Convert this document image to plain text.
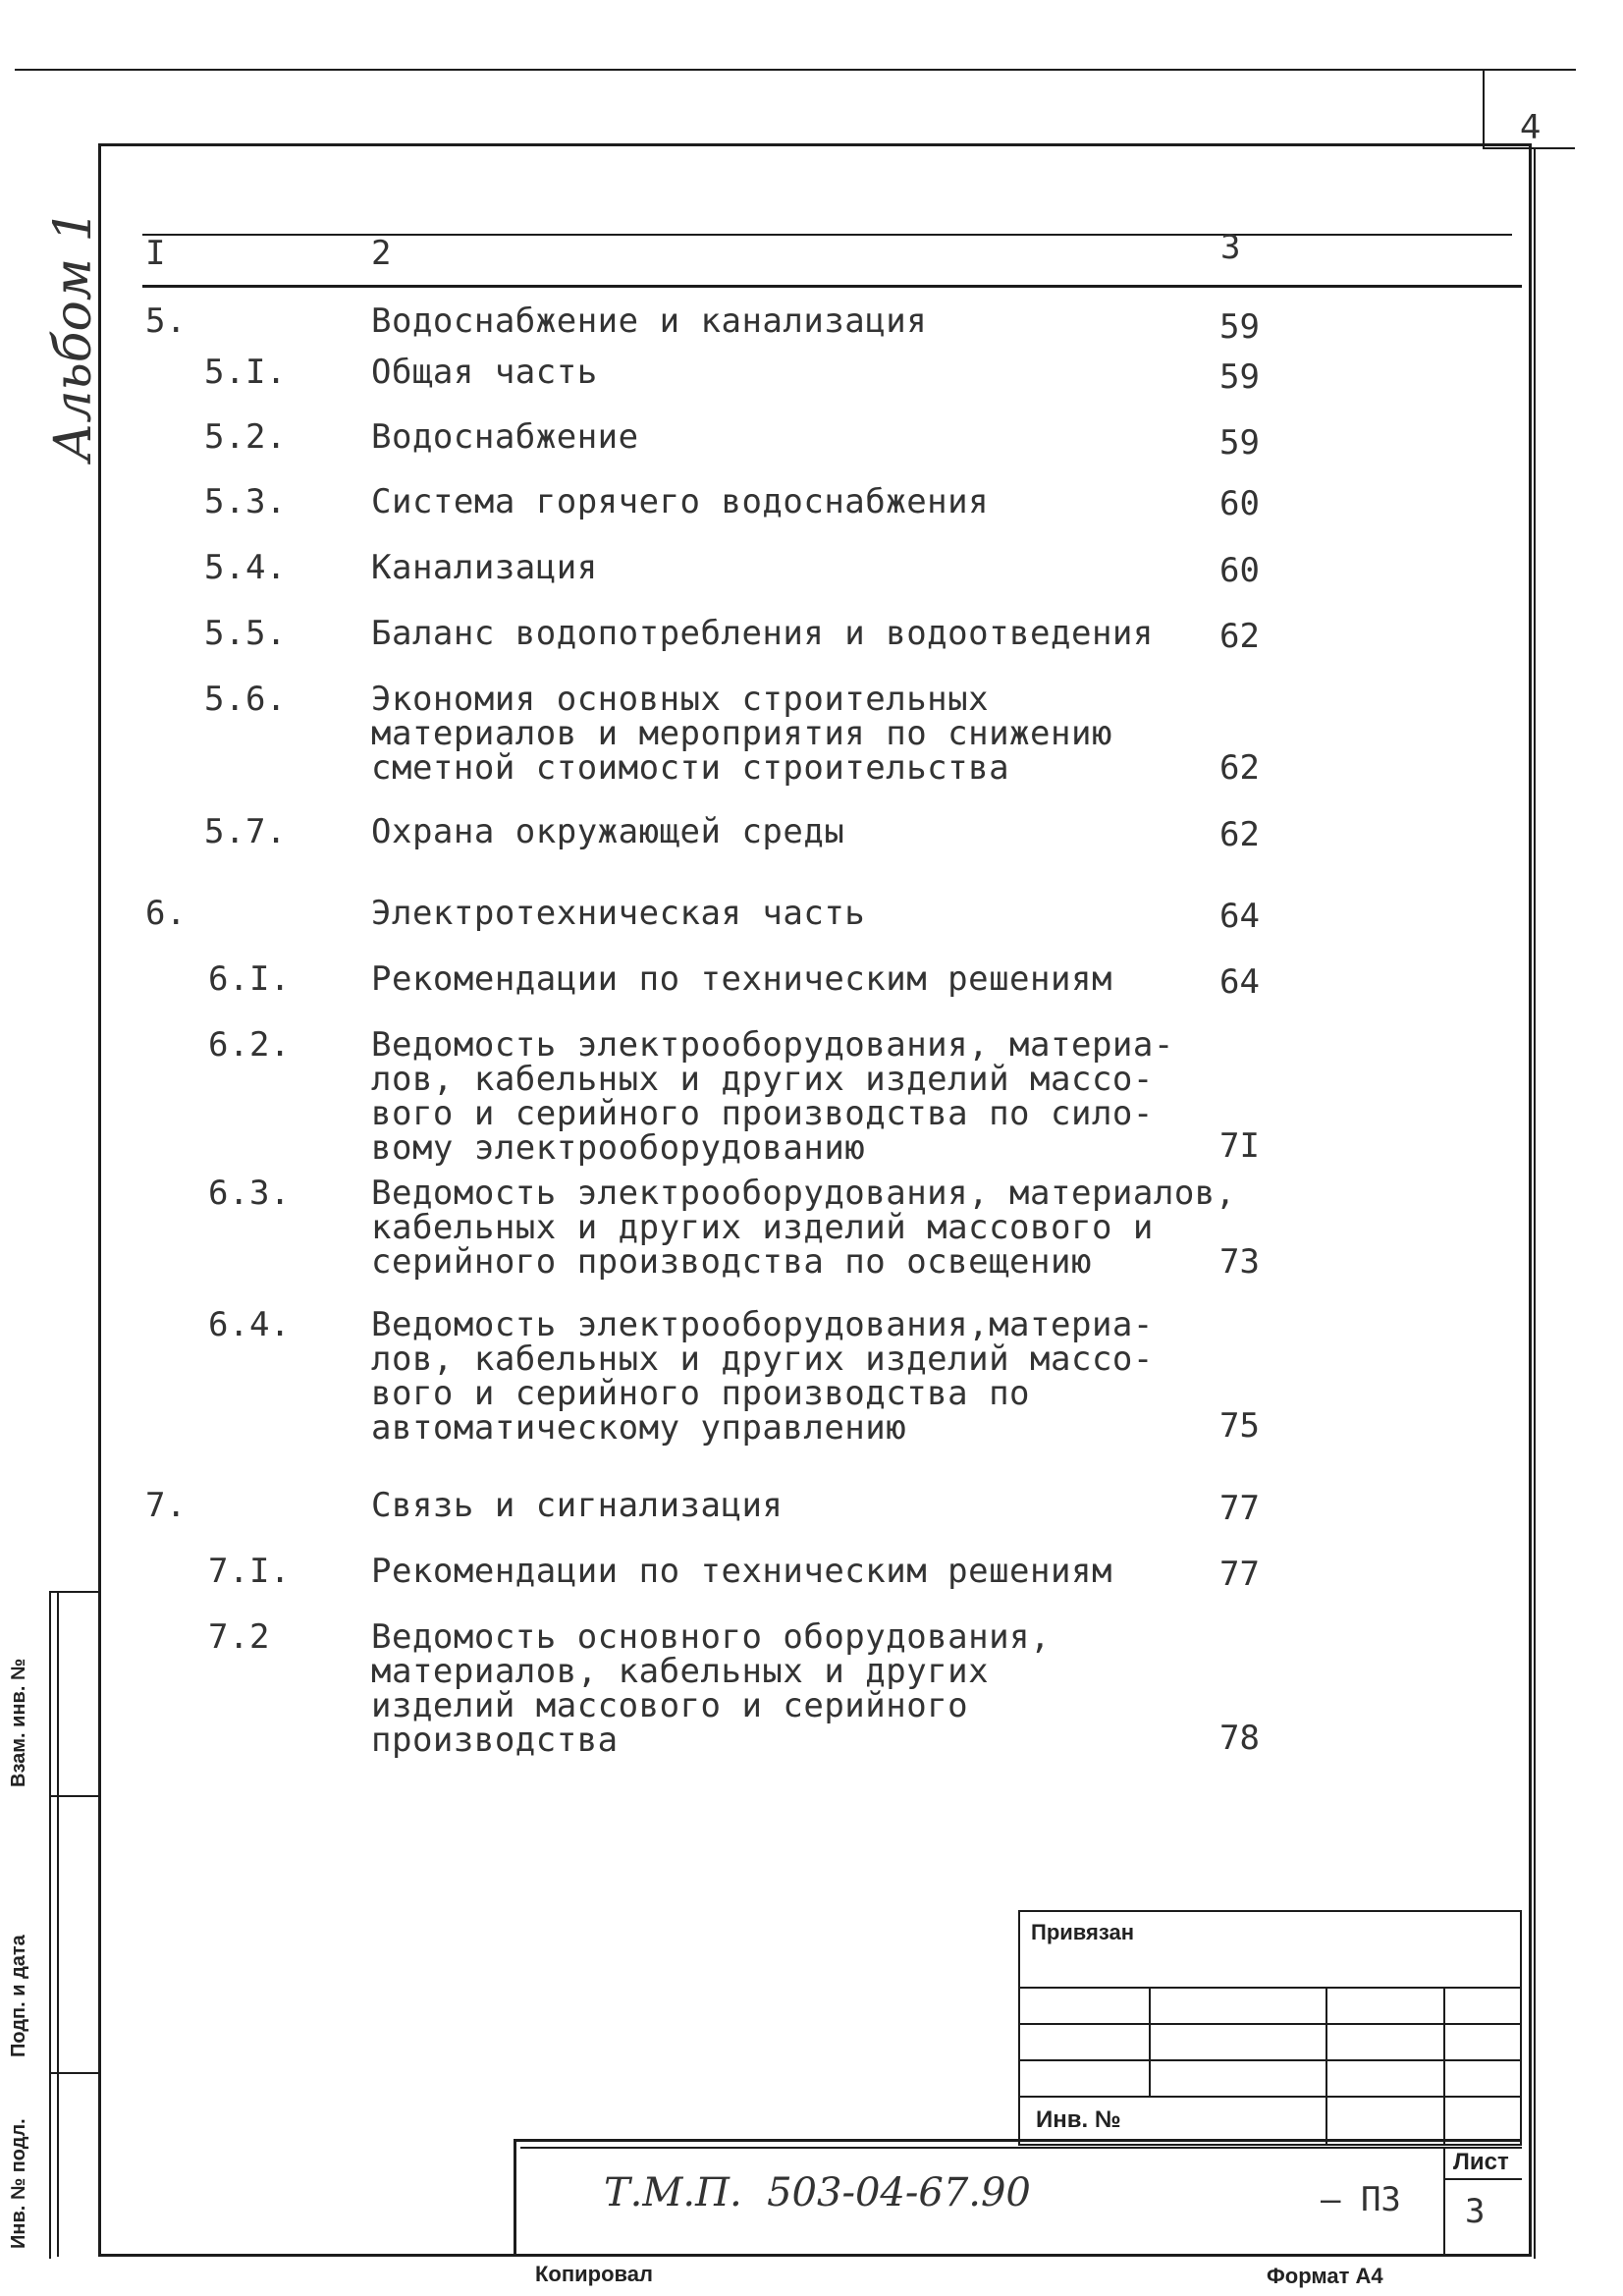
4
Альбом 1
Взам. инв. №
Подп. и дата
Инв. № подл.
I	2	3
5.	Водоснабжение и канализация	59
5.I.	Общая часть	59
5.2.	Водоснабжение	59
5.3.	Система горячего водоснабжения	60
5.4.	Канализация	60
5.5.	Баланс водопотребления и водоотведения 62
5.6.	Экономия основных строительных
материалов и мероприятия по снижению
сметной стоимости строительства	62
5.7.	Охрана окружающей среды	62
6.	Электротехническая часть	64
6.I. Рекомендации по техническим решениям	64
6.2. Ведомость электрооборудования, материа-
лов, кабельных и других изделий массо-
вого и серийного производства по сило-
вому электрооборудованию	7I
6.3. Ведомость электрооборудования, материалов,
кабельных и других изделий массового и
серийного производства по освещению	73
6.4. Ведомость электрооборудования,материа-
лов, кабельных и других изделий массо-
вого и серийного производства по
автоматическому управлению	75
7.	Связь и сигнализация	77
7.I. Рекомендации по техническим решениям	77
7.2	Ведомость основного оборудования,
материалов, кабельных и других
изделий массового и серийного
производства	78
Привязан
Инв. №
Т.М.П.  503-04-67.90	– ПЗ
Лист
3
Копировал	Формат А4
